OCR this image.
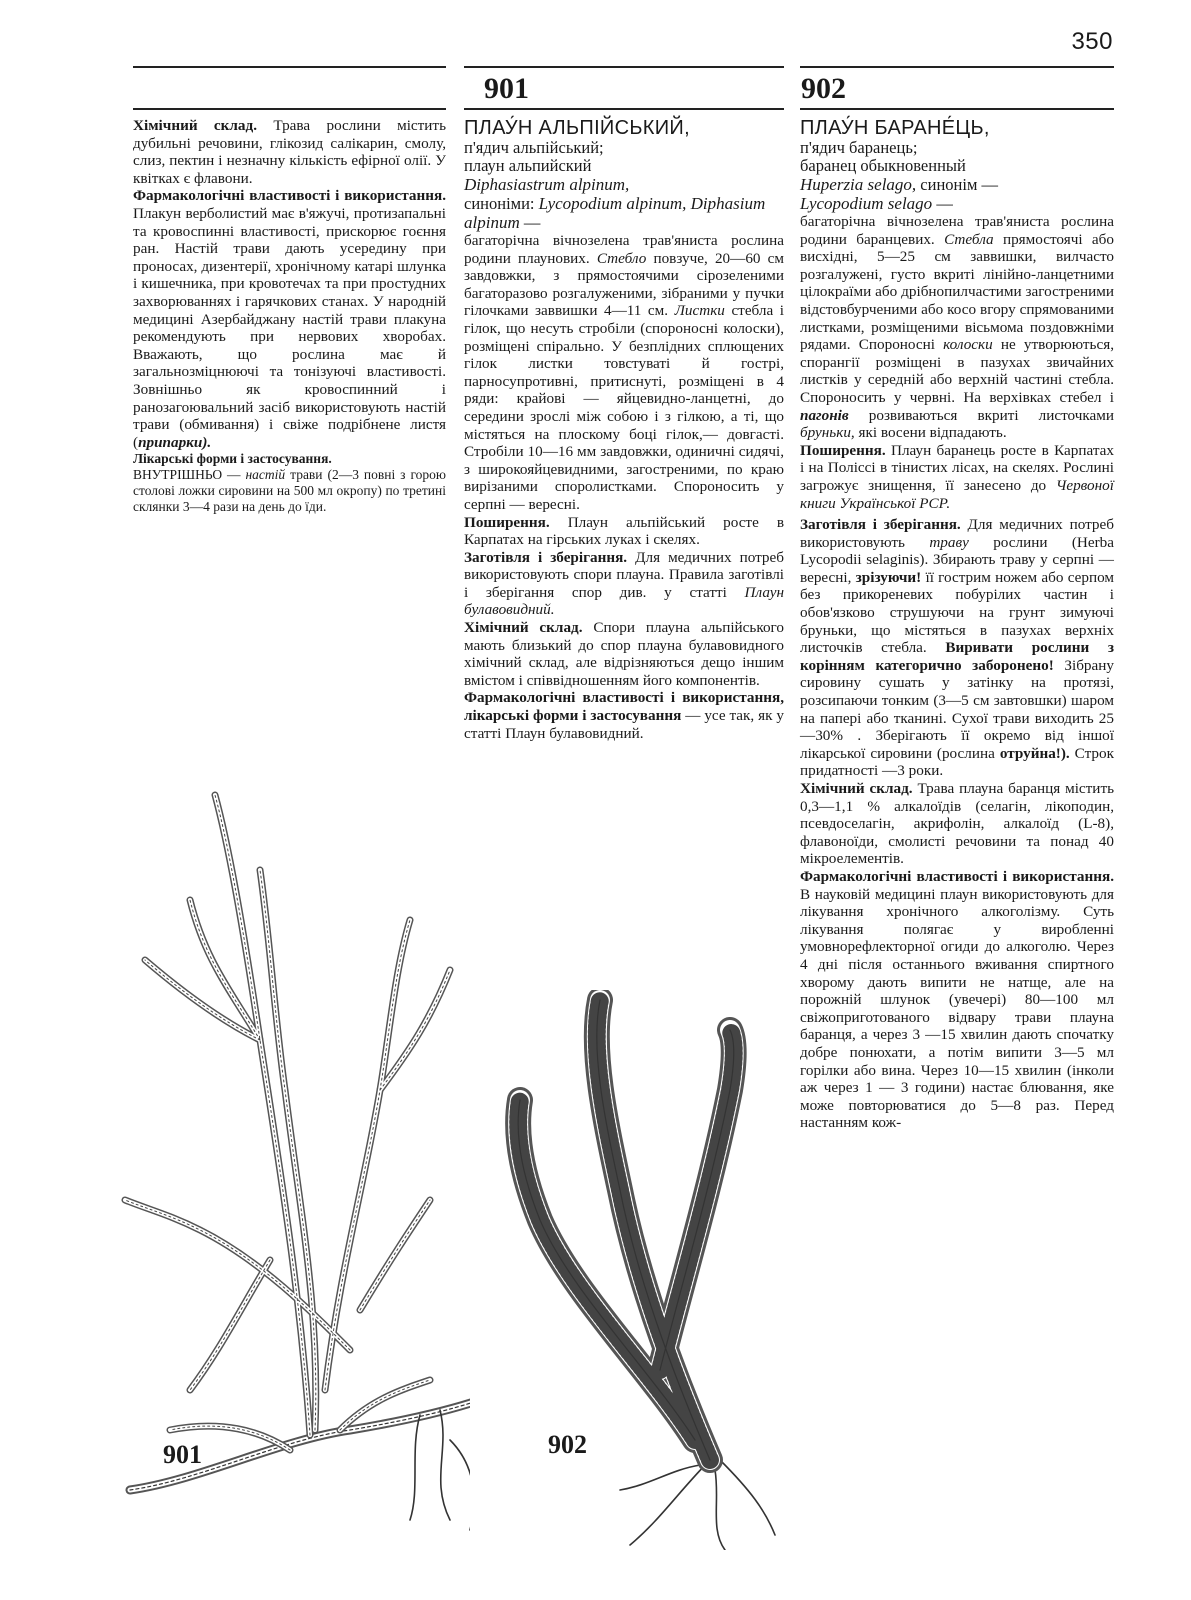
350
901	902

Хімічний склад. Трава рослини містить дубильні речовини, глікозид салікарин, смолу, слиз, пектин і незначну кількість ефірної олії. У квітках є флавони.

Фармакологічні властивості і використання. Плакун верболистий має в'яжучі, протизапальні та кровоспинні властивості, прискорює гоєння ран. Настій трави дають усередину при проносах, дизентерії, хронічному катарі шлунка і кишечника, при кровотечах та при простудних захворюваннях і гарячкових станах. У народній медицині Азербайджану настій трави плакуна рекомендують при нервових хворобах. Вважають, що рослина має й загальнозміцнюючі та тонізуючі властивості. Зовнішньо як кровоспинний і ранозагоювальний засіб використовують настій трави (обмивання) і свіже подрібнене листя (припарки).

Лікарські форми і застосування.

ВНУТРІШНЬО — настій трави (2—3 повні з горою столові ложки сировини на 500 мл окропу) по третині склянки 3—4 рази на день до їди.

ПЛАУ́Н АЛЬПІЙСЬКИЙ,

п'ядич альпійський;

плаун альпийский

Diphasiastrum alpinum,

синоніми: Lycopodium alpinum, Diphasium alpinum —

багаторічна вічнозелена трав'яниста рослина родини плаунових. Стебло повзуче, 20—60 см завдовжки, з прямостоячими сірозеленими багаторазово розгалуженими, зібраними у пучки гілочками заввишки 4—11 см. Листки стебла і гілок, що несуть стробіли (спороносні колоски), розміщені спірально. У безплідних сплющених гілок листки товстуваті й гострі, парносупротивні, притиснуті, розміщені в 4 ряди: крайові — яйцевидно-ланцетні, до середини зрослі між собою і з гілкою, а ті, що містяться на плоскому боці гілок,— довгасті. Стробіли 10—16 мм завдовжки, одиничні сидячі, з широкояйцевидними, загостреними, по краю вирізаними споролистками. Спороносить у серпні — вересні.

Поширення. Плаун альпійський росте в Карпатах на гірських луках і скелях.

Заготівля і зберігання. Для медичних потреб використовують спори плауна. Правила заготівлі і зберігання спор див. у статті Плаун булавовидний.

Хімічний склад. Спори плауна альпійського мають близький до спор плауна булавовидного хімічний склад, але відрізняються дещо іншим вмістом і співвідношенням його компонентів.

Фармакологічні властивості і використання, лікарські форми і застосування — усе так, як у статті Плаун булавовидний.

ПЛАУ́Н БАРАНЕ́ЦЬ,

п'ядич баранець;

баранец обыкновенный

Huperzia selago, синонім —

Lycopodium selago —

багаторічна вічнозелена трав'яниста рослина родини баранцевих. Стебла прямостоячі або висхідні, 5—25 см заввишки, вилчасто розгалужені, густо вкриті лінійно-ланцетними цілокраїми або дрібнопилчастими загостреними відстовбурченими або косо вгору спрямованими листками, розміщеними вісьмома поздовжніми рядами. Спороносні колоски не утворюються, спорангії розміщені в пазухах звичайних листків у середній або верхній частині стебла. Спороносить у червні. На верхівках стебел і пагонів розвиваються вкриті листочками бруньки, які восени відпадають.

Поширення. Плаун баранець росте в Карпатах і на Поліссі в тінистих лісах, на скелях. Рослині загрожує знищення, її занесено до Червоної книги Української РСР.

Заготівля і зберігання. Для медичних потреб використовують траву рослини (Herba Lycopodii selaginis). Збирають траву у серпні — вересні, зрізуючи! її гострим ножем або серпом без прикореневих побурілих частин і обов'язково струшуючи на грунт зимуючі бруньки, що містяться в пазухах верхніх листочків стебла. Виривати рослини з корінням категорично заборонено! Зібрану сировину сушать у затінку на протязі, розсипаючи тонким (3—5 см завтовшки) шаром на папері або тканині. Сухої трави виходить 25—30% . Зберігають її окремо від іншої лікарської сировини (рослина отруйна!). Строк придатності —3 роки.

Хімічний склад. Трава плауна баранця містить 0,3—1,1 % алкалоїдів (селагін, лікоподин, псевдоселагін, акрифолін, алкалоїд (L-8), флавоноїди, смолисті речовини та понад 40 мікроелементів.

Фармакологічні властивості і використання. В науковій медицині плаун використовують для лікування хронічного алкоголізму. Суть лікування полягає у виробленні умовнорефлекторної огиди до алкоголю. Через 4 дні після останнього вживання спиртного хворому дають випити не натще, але на порожній шлунок (увечері) 80—100 мл свіжоприготованого відвару трави плауна баранця, а через 3 —15 хвилин дають спочатку добре понюхати, а потім випити 3—5 мл горілки або вина. Через 10—15 хвилин (інколи аж через 1 — 3 години) настає блювання, яке може повторюватися до 5—8 раз. Перед настанням кож-

901	902
